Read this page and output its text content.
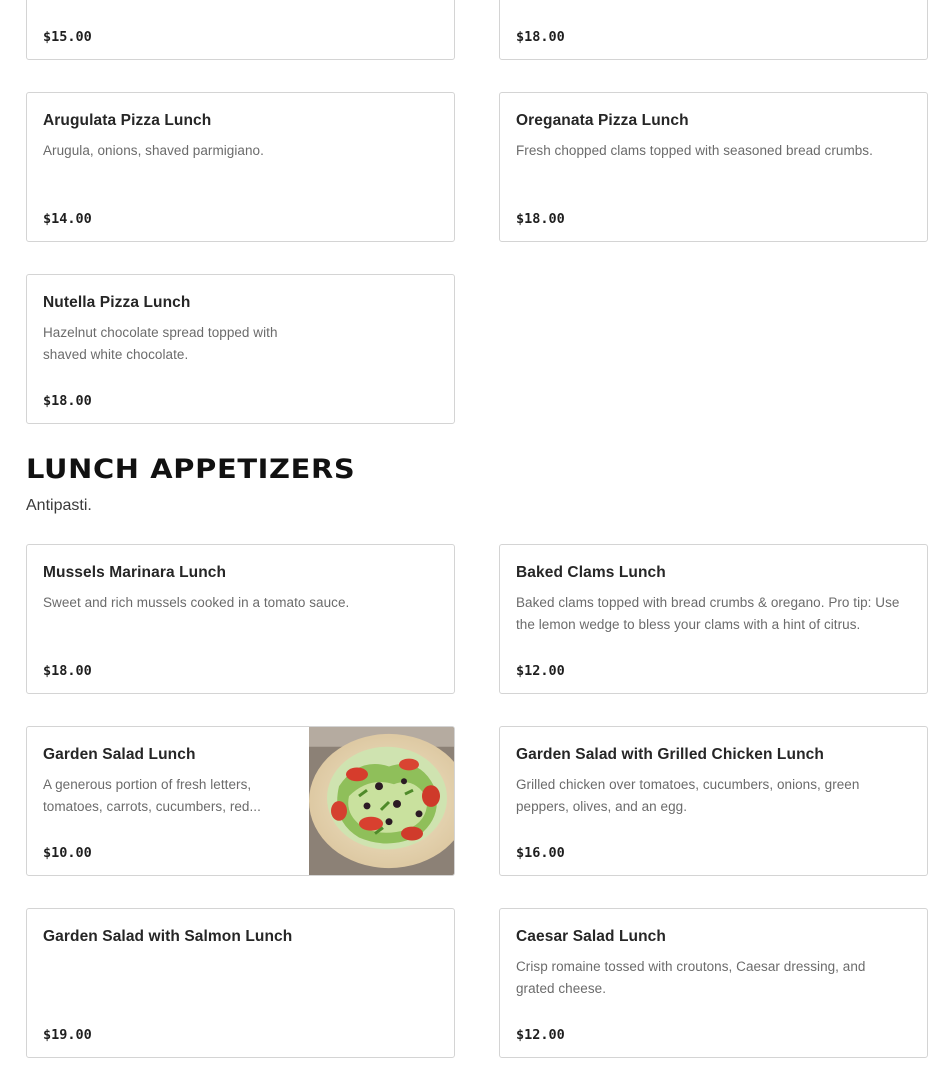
$15.00	$18.00
Arugulata Pizza Lunch
Arugula, onions, shaved parmigiano.
$14.00
Oreganata Pizza Lunch
Fresh chopped clams topped with seasoned bread crumbs.
$18.00
Nutella Pizza Lunch
Hazelnut chocolate spread topped with shaved white chocolate.
$18.00
LUNCH APPETIZERS
Antipasti.
Mussels Marinara Lunch
Sweet and rich mussels cooked in a tomato sauce.
$18.00
Baked Clams Lunch
Baked clams topped with bread crumbs & oregano. Pro tip: Use the lemon wedge to bless your clams with a hint of citrus.
$12.00
Garden Salad Lunch
A generous portion of fresh letters, tomatoes, carrots, cucumbers, red...
$10.00
Garden Salad with Grilled Chicken Lunch
Grilled chicken over tomatoes, cucumbers, onions, green peppers, olives, and an egg.
$16.00
Garden Salad with Salmon Lunch
$19.00
Caesar Salad Lunch
Crisp romaine tossed with croutons, Caesar dressing, and grated cheese.
$12.00
